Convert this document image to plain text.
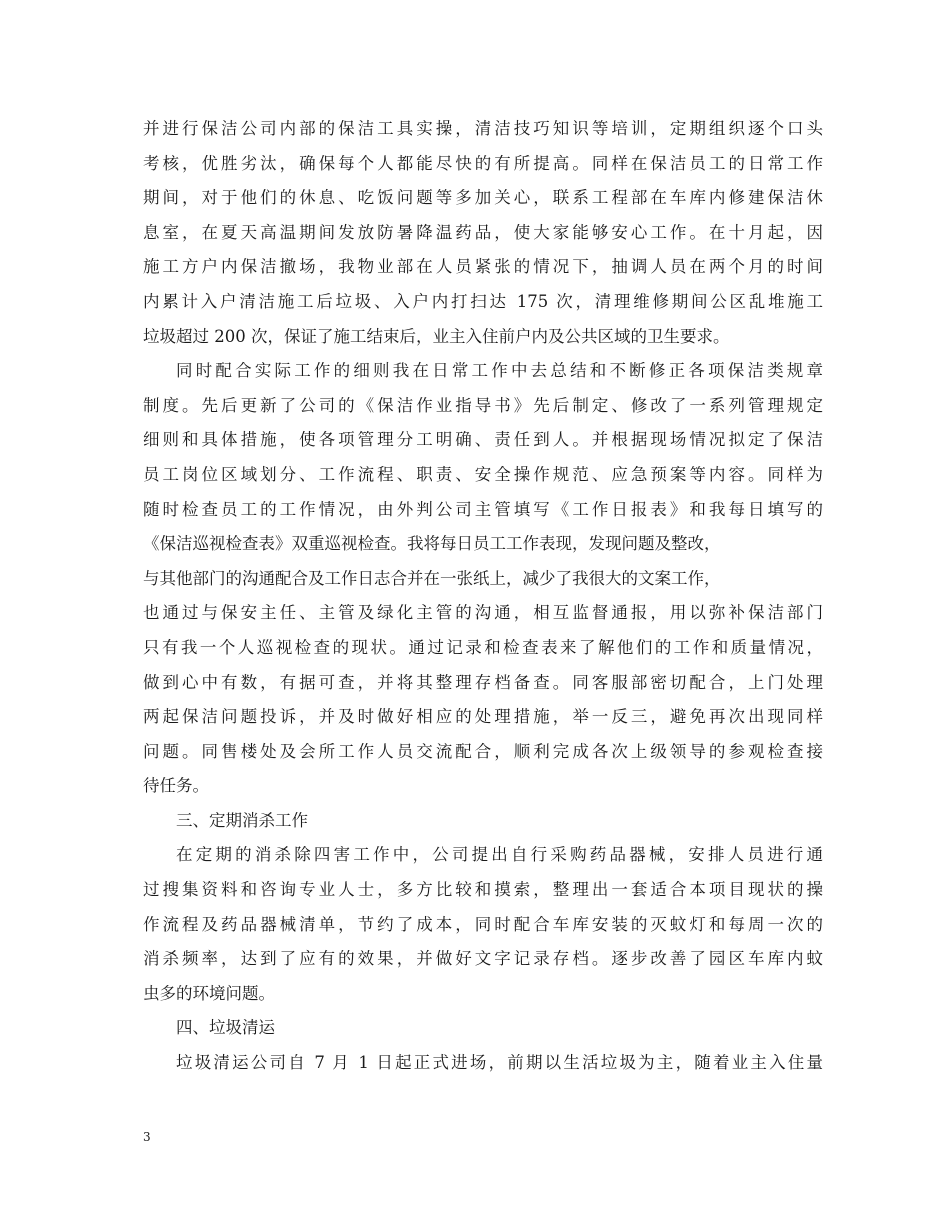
并进行保洁公司内部的保洁工具实操，清洁技巧知识等培训，定期组织逐个口头
考核，优胜劣汰，确保每个人都能尽快的有所提高。同样在保洁员工的日常工作
期间，对于他们的休息、吃饭问题等多加关心，联系工程部在车库内修建保洁休
息室，在夏天高温期间发放防暑降温药品，使大家能够安心工作。在十月起，因
施工方户内保洁撤场，我物业部在人员紧张的情况下，抽调人员在两个月的时间
内累计入户清洁施工后垃圾、入户内打扫达 175 次，清理维修期间公区乱堆施工
垃圾超过 200 次，保证了施工结束后，业主入住前户内及公共区域的卫生要求。
同时配合实际工作的细则我在日常工作中去总结和不断修正各项保洁类规章
制度。先后更新了公司的《保洁作业指导书》先后制定、修改了一系列管理规定
细则和具体措施，使各项管理分工明确、责任到人。并根据现场情况拟定了保洁
员工岗位区域划分、工作流程、职责、安全操作规范、应急预案等内容。同样为
随时检查员工的工作情况，由外判公司主管填写《工作日报表》和我每日填写的
《保洁巡视检查表》双重巡视检查。我将每日员工工作表现，发现问题及整改，
与其他部门的沟通配合及工作日志合并在一张纸上，减少了我很大的文案工作，
也通过与保安主任、主管及绿化主管的沟通，相互监督通报，用以弥补保洁部门
只有我一个人巡视检查的现状。通过记录和检查表来了解他们的工作和质量情况，
做到心中有数，有据可查，并将其整理存档备查。同客服部密切配合，上门处理
两起保洁问题投诉，并及时做好相应的处理措施，举一反三，避免再次出现同样
问题。同售楼处及会所工作人员交流配合，顺利完成各次上级领导的参观检查接
待任务。
三、定期消杀工作
在定期的消杀除四害工作中，公司提出自行采购药品器械，安排人员进行通
过搜集资料和咨询专业人士，多方比较和摸索，整理出一套适合本项目现状的操
作流程及药品器械清单，节约了成本，同时配合车库安装的灭蚊灯和每周一次的
消杀频率，达到了应有的效果，并做好文字记录存档。逐步改善了园区车库内蚊
虫多的环境问题。
四、垃圾清运
垃圾清运公司自 7 月 1 日起正式进场，前期以生活垃圾为主，随着业主入住量
3
